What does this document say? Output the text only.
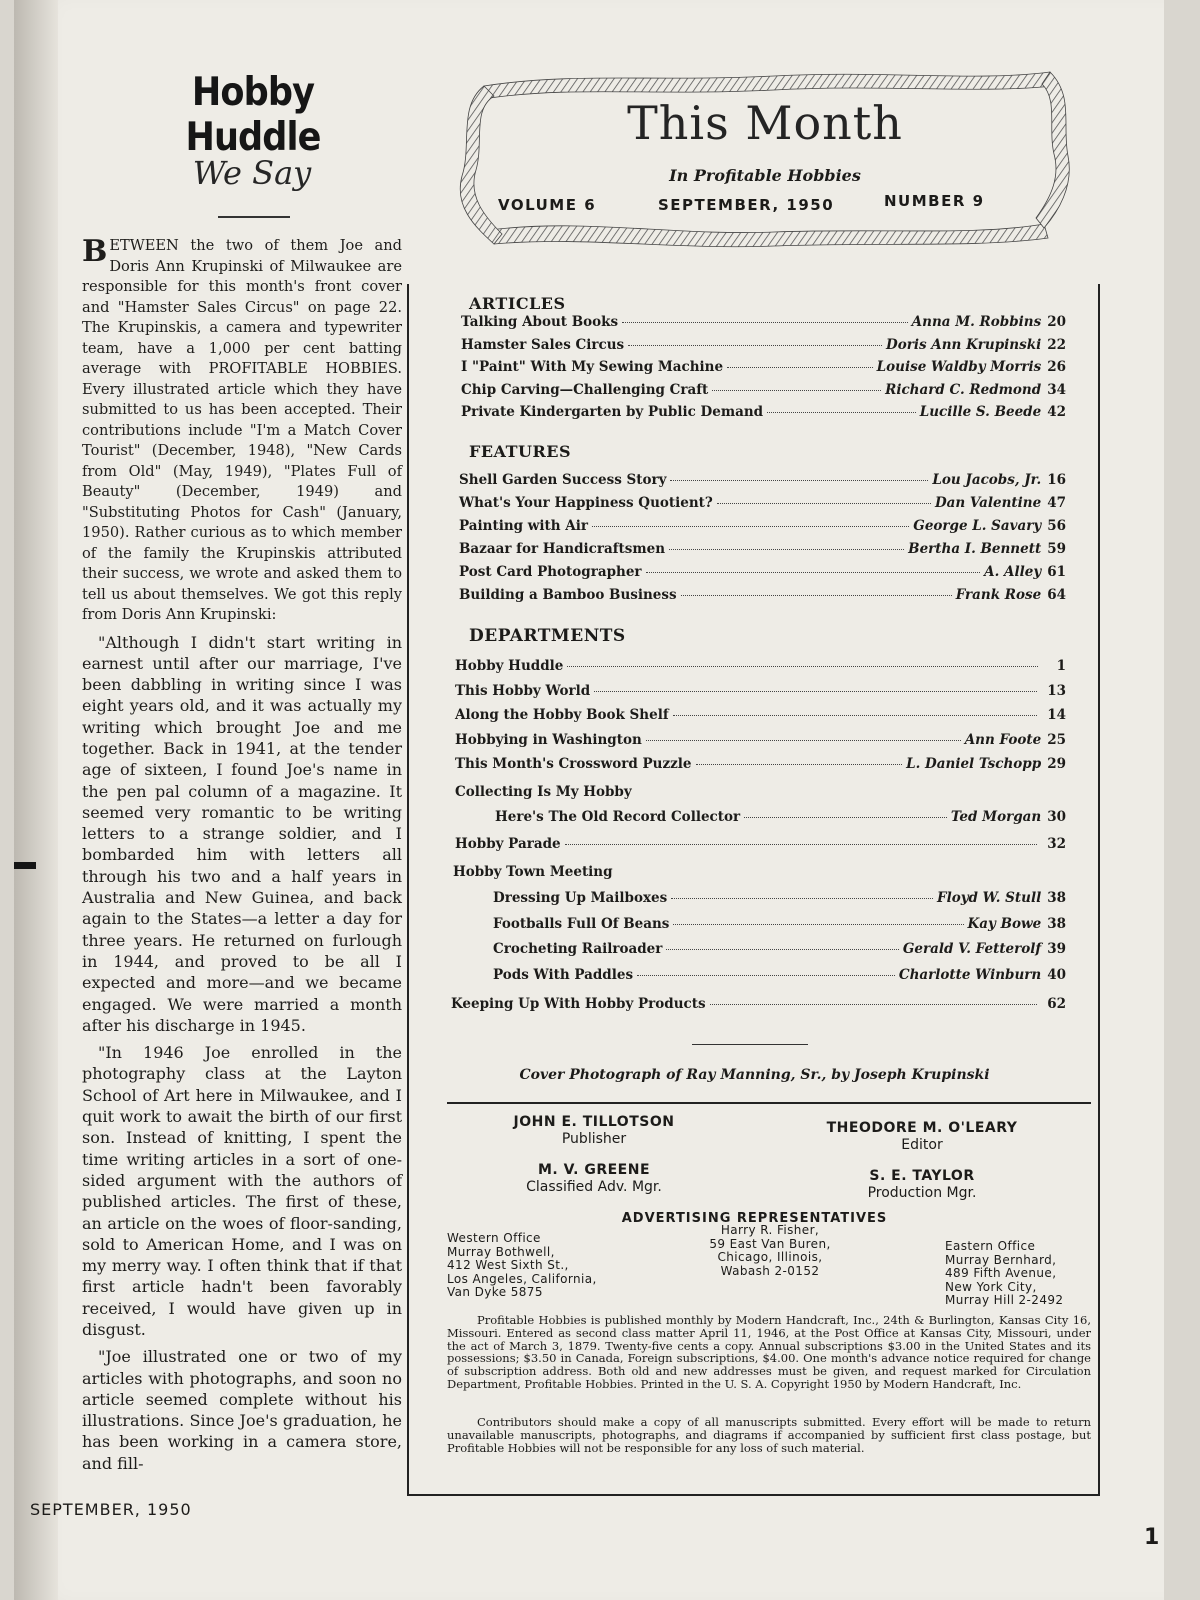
Hobby Huddle
We Say

BETWEEN the two of them Joe and Doris Ann Krupinski of Milwaukee are responsible for this month's front cover and "Hamster Sales Circus" on page 22. The Krupinskis, a camera and typewriter team, have a 1,000 per cent batting average with PROFITABLE HOBBIES. Every illustrated article which they have submitted to us has been accepted. Their contributions include "I'm a Match Cover Tourist" (December, 1948), "New Cards from Old" (May, 1949), "Plates Full of Beauty" (December, 1949) and "Substituting Photos for Cash" (January, 1950). Rather curious as to which member of the family the Krupinskis attributed their success, we wrote and asked them to tell us about themselves. We got this reply from Doris Ann Krupinski:

"Although I didn't start writing in earnest until after our marriage, I've been dabbling in writing since I was eight years old, and it was actually my writing which brought Joe and me together. Back in 1941, at the tender age of sixteen, I found Joe's name in the pen pal column of a magazine. It seemed very romantic to be writing letters to a strange soldier, and I bombarded him with letters all through his two and a half years in Australia and New Guinea, and back again to the States—a letter a day for three years. He returned on furlough in 1944, and proved to be all I expected and more—and we became engaged. We were married a month after his discharge in 1945.

"In 1946 Joe enrolled in the photography class at the Layton School of Art here in Milwaukee, and I quit work to await the birth of our first son. Instead of knitting, I spent the time writing articles in a sort of one-sided argument with the authors of published articles. The first of these, an article on the woes of floor-sanding, sold to American Home, and I was on my merry way. I often think that if that first article hadn't been favorably received, I would have given up in disgust.

"Joe illustrated one or two of my articles with photographs, and soon no article seemed complete without his illustrations. Since Joe's graduation, he has been working in a camera store, and fill-

SEPTEMBER, 1950
1
This Month
In Profitable Hobbies
VOLUME 6	SEPTEMBER, 1950	NUMBER 9
ARTICLES
Talking About Books	Anna M. Robbins 20
Hamster Sales Circus	Doris Ann Krupinski 22
I "Paint" With My Sewing Machine	Louise Waldby Morris 26
Chip Carving—Challenging Craft	Richard C. Redmond 34
Private Kindergarten by Public Demand	Lucille S. Beede 42
FEATURES
Shell Garden Success Story	Lou Jacobs, Jr. 16
What's Your Happiness Quotient?	Dan Valentine 47
Painting with Air	George L. Savary 56
Bazaar for Handicraftsmen	Bertha I. Bennett 59
Post Card Photographer	A. Alley 61
Building a Bamboo Business	Frank Rose 64
DEPARTMENTS
Hobby Huddle	1
This Hobby World	13
Along the Hobby Book Shelf	14
Hobbying in Washington	Ann Foote 25
This Month's Crossword Puzzle	L. Daniel Tschopp 29
Collecting Is My Hobby
Here's The Old Record Collector	Ted Morgan 30
Hobby Parade	32
Hobby Town Meeting
Dressing Up Mailboxes	Floyd W. Stull 38
Footballs Full Of Beans	Kay Bowe 38
Crocheting Railroader	Gerald V. Fetterolf 39
Pods With Paddles	Charlotte Winburn 40
Keeping Up With Hobby Products	62
Cover Photograph of Ray Manning, Sr., by Joseph Krupinski
JOHN E. TILLOTSON
Publisher
THEODORE M. O'LEARY
Editor
M. V. GREENE
Classified Adv. Mgr.
S. E. TAYLOR
Production Mgr.
ADVERTISING REPRESENTATIVES
Western Office
Murray Bothwell,
412 West Sixth St.,
Los Angeles, California,
Van Dyke 5875
Harry R. Fisher,
59 East Van Buren,
Chicago, Illinois,
Wabash 2-0152
Eastern Office
Murray Bernhard,
489 Fifth Avenue,
New York City,
Murray Hill 2-2492
Profitable Hobbies is published monthly by Modern Handcraft, Inc., 24th & Burlington, Kansas City 16, Missouri. Entered as second class matter April 11, 1946, at the Post Office at Kansas City, Missouri, under the act of March 3, 1879. Twenty-five cents a copy. Annual subscriptions $3.00 in the United States and its possessions; $3.50 in Canada, Foreign subscriptions, $4.00. One month's advance notice required for change of subscription address. Both old and new addresses must be given, and request marked for Circulation Department, Profitable Hobbies. Printed in the U. S. A. Copyright 1950 by Modern Handcraft, Inc.
Contributors should make a copy of all manuscripts submitted. Every effort will be made to return unavailable manuscripts, photographs, and diagrams if accompanied by sufficient first class postage, but Profitable Hobbies will not be responsible for any loss of such material.
